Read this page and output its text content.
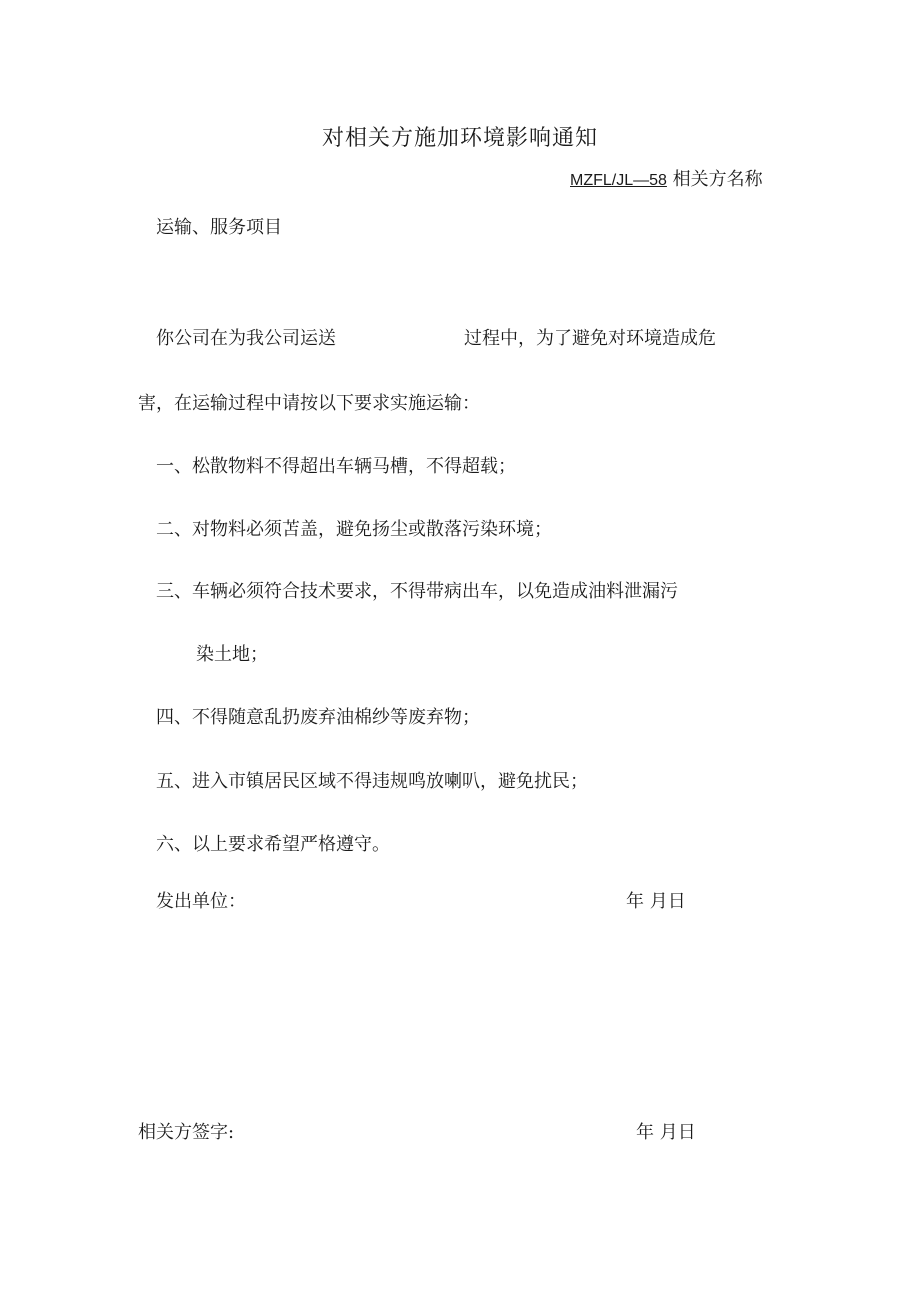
对相关方施加环境影响通知
MZFL/JL—58 相关方名称
运输、服务项目
你公司在为我公司运送	过程中，为了避免对环境造成危
害，在运输过程中请按以下要求实施运输：
一、松散物料不得超出车辆马槽，不得超载；
二、对物料必须苫盖，避免扬尘或散落污染环境；
三、车辆必须符合技术要求，不得带病出车，以免造成油料泄漏污
染土地；
四、不得随意乱扔废弃油棉纱等废弃物；
五、进入市镇居民区域不得违规鸣放喇叭，避免扰民；
六、以上要求希望严格遵守。
发出单位：	年 月日
相关方签字:	年 月日
